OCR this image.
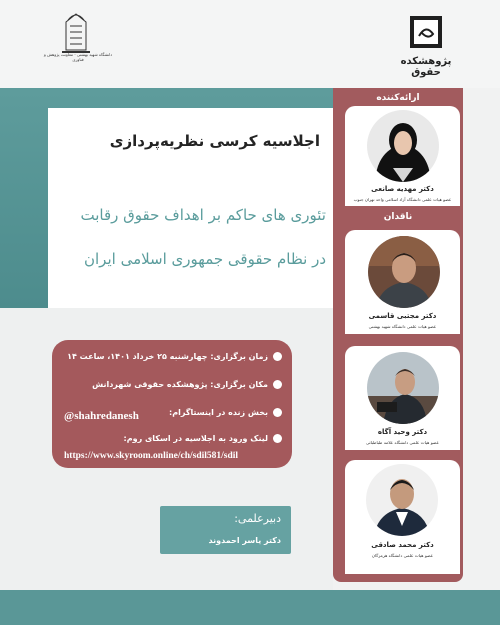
دانشگاه شهید بهشتی · معاونت پژوهش و فناوری	پژوهشکده حقوق
اجلاسیه کرسی نظریه‌پردازی
تئوری های حاکم بر اهداف حقوق رقابت
در نظام حقوقی جمهوری اسلامی ایران
زمان برگزاری: چهارشنبه ۲۵ خرداد ۱۴۰۱، ساعت ۱۴
مکان برگزاری: پژوهشکده حقوقی شهردانش
بخش زنده در اینستاگرام:
لینک ورود به اجلاسیه در اسکای روم:
@shahredanesh
https://www.skyroom.online/ch/sdil581/sdil
دبیرعلمی:
دکتر یاسر احمدوند
ارائه‌کننده
دکتر مهدیه صانعی
عضو هیات علمی دانشگاه آزاد اسلامی واحد تهران جنوب
ناقدان
دکتر مجتبی قاسمی
عضو هیات علمی دانشگاه شهید بهشتی
دکتر وحید آگاه
عضو هیات علمی دانشگاه علامه طباطبائی
دکتر محمد صادقی
عضو هیات علمی دانشگاه هرمزگان
